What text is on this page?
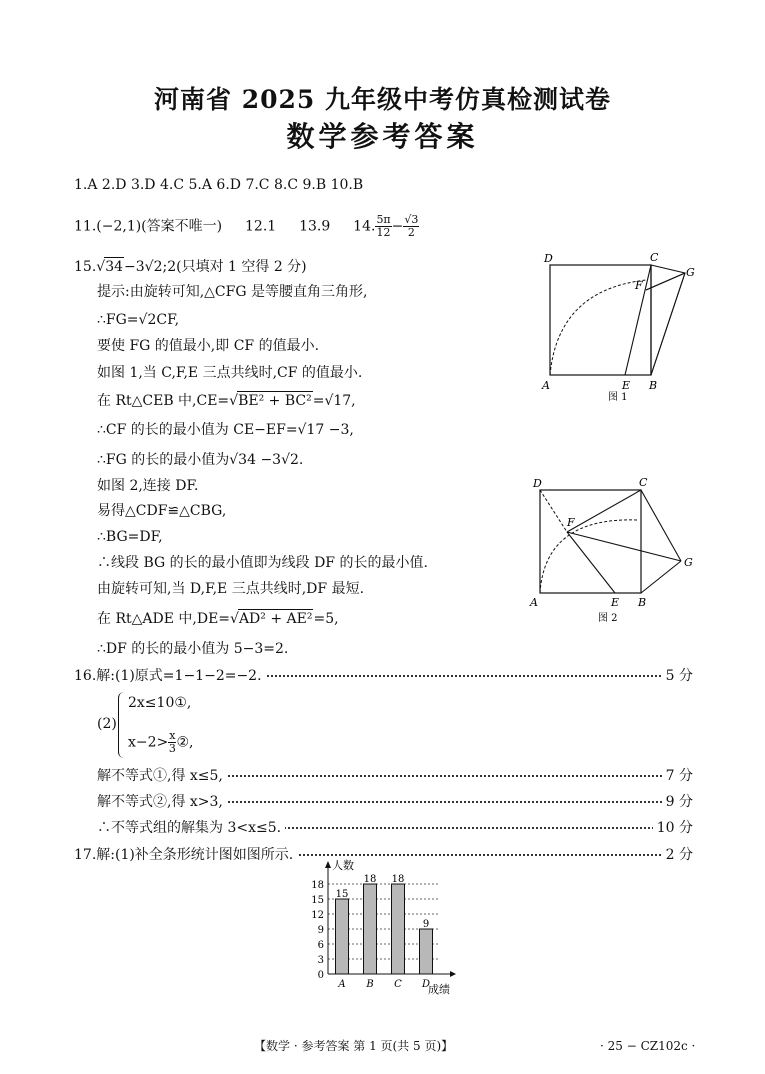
河南省 2025 九年级中考仿真检测试卷
数学参考答案
1.A 2.D 3.D 4.C 5.A 6.D 7.C 8.C 9.B 10.B
11.(−2,1)(答案不唯一) 12.1 13.9 14. $\frac{5\pi}{12} - \frac{√3}{2}$
15.√34−3√2;2(只填对 1 空得 2 分)
提示:由旋转可知,△CFG 是等腰直角三角形,
∴FG=√2CF,
要使 FG 的值最小,即 CF 的值最小.
如图 1,当 C,F,E 三点共线时,CF 的值最小.
在 Rt△CEB 中,CE=√BE² + BC²=√17,
∴CF 的长的最小值为 CE−EF=√17 −3,
∴FG 的长的最小值为√34 −3√2.
如图 2,连接 DF.
易得△CDF≌△CBG,
∴BG=DF,
∴线段 BG 的长的最小值即为线段 DF 的长的最小值.
由旋转可知,当 D,F,E 三点共线时,DF 最短.
在 Rt△ADE 中,DE=√AD² + AE²=5,
∴DF 的长的最小值为 5−3=2.
D	C
G
F
A	E B
图 1
D	C
G
F
A	E B
图 2
16.解:(1)原式=1−1−2=−2.	5 分
(2)
2x≤10①,
$x-2> \frac{x}{3}$ ②,
解不等式①,得 x≤5,	7 分
解不等式②,得 x>3,	9 分
∴不等式组的解集为 3<x≤5.	10 分
17.解:(1)补全条形统计图如图所示.	2 分
15
A
18
B
18
C
9
D
0
3
6
9
12
15
18
人数
成绩
【数学 · 参考答案 第 1 页(共 5 页)】	· 25 − CZ102c ·
